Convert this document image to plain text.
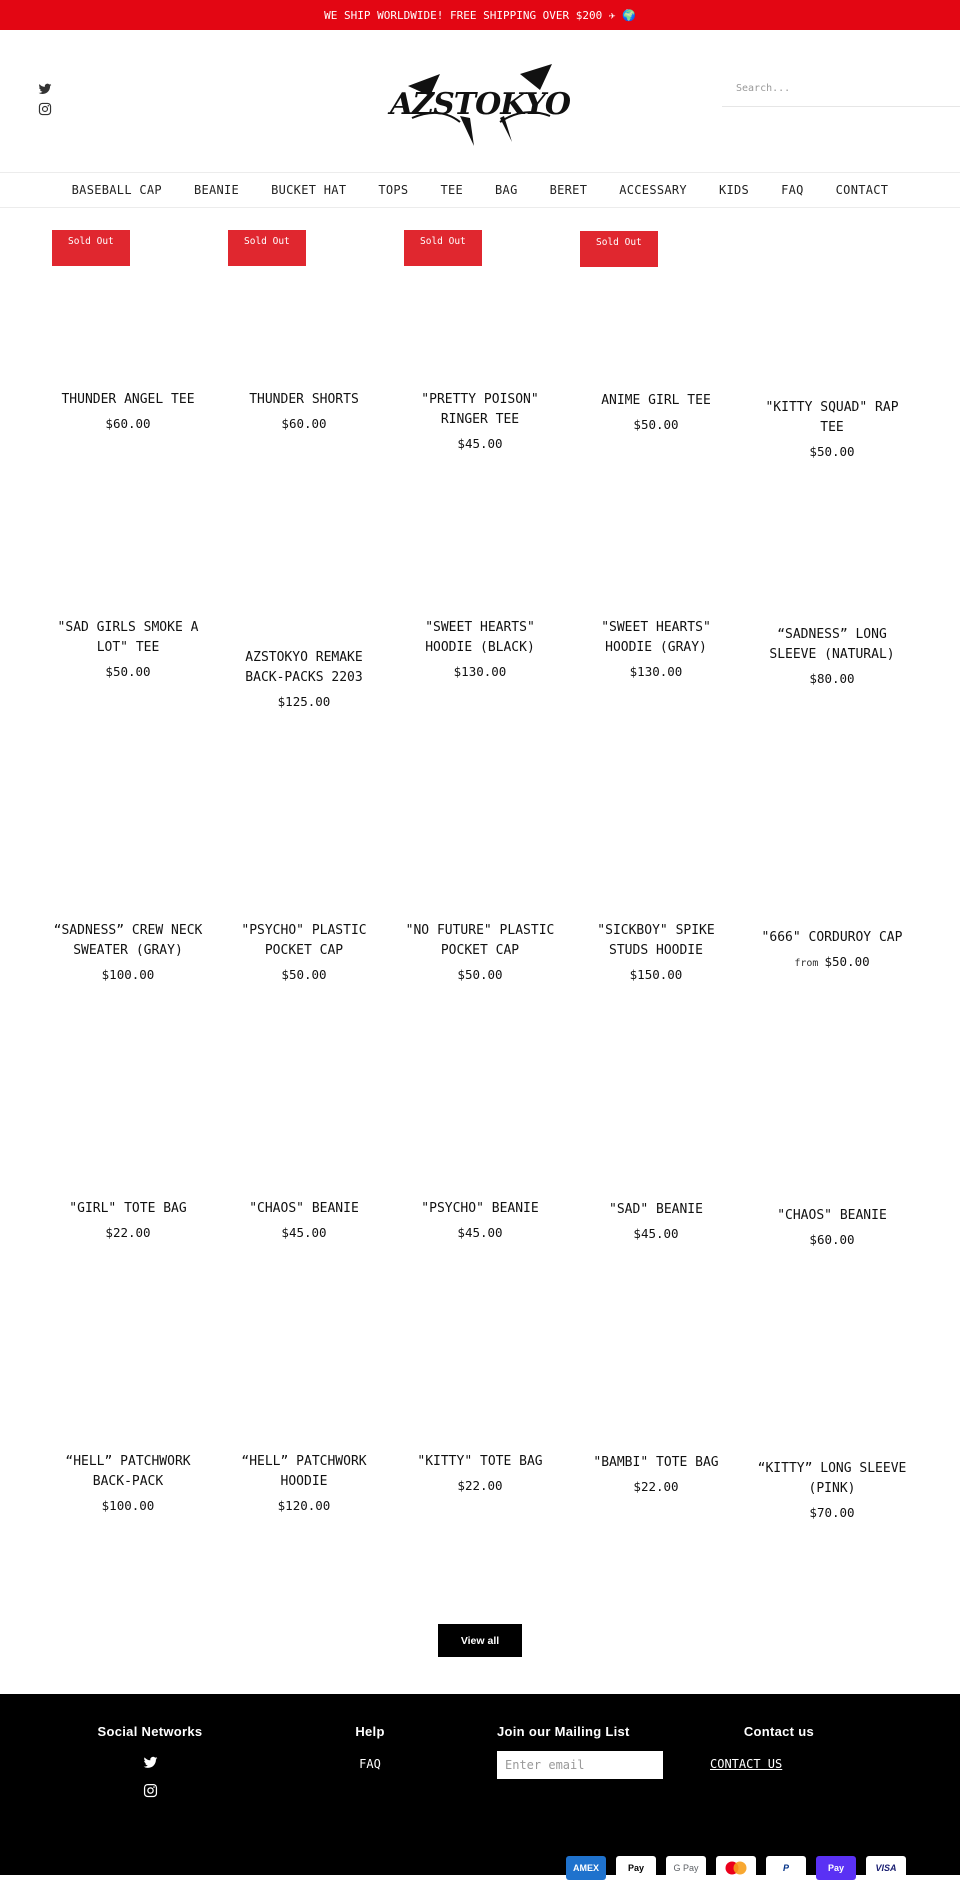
WE SHIP WORLDWIDE! FREE SHIPPING OVER $200 ✈ 🌍
AZSTOKYO
Search...
BASEBALL CAP	BEANIE	BUCKET HAT	TOPS	TEE	BAG	BERET	ACCESSARY	KIDS	FAQ	CONTACT
Sold Out
THUNDER ANGEL TEE
$60.00
Sold Out
THUNDER SHORTS
$60.00
Sold Out
"PRETTY POISON" RINGER TEE
$45.00
Sold Out
ANIME GIRL TEE
$50.00
"KITTY SQUAD" RAP TEE
$50.00
"SAD GIRLS SMOKE A LOT" TEE
$50.00
AZSTOKYO REMAKE BACK-PACKS 2203
$125.00
"SWEET HEARTS" HOODIE (BLACK)
$130.00
"SWEET HEARTS" HOODIE (GRAY)
$130.00
“SADNESS” LONG SLEEVE (NATURAL)
$80.00
“SADNESS” CREW NECK SWEATER (GRAY)
$100.00
"PSYCHO" PLASTIC POCKET CAP
$50.00
"NO FUTURE" PLASTIC POCKET CAP
$50.00
"SICKBOY" SPIKE STUDS HOODIE
$150.00
"666" CORDUROY CAP
from $50.00
"GIRL" TOTE BAG
$22.00
"CHAOS" BEANIE
$45.00
"PSYCHO" BEANIE
$45.00
"SAD" BEANIE
$45.00
"CHAOS" BEANIE
$60.00
“HELL” PATCHWORK BACK-PACK
$100.00
“HELL” PATCHWORK HOODIE
$120.00
"KITTY" TOTE BAG
$22.00
"BAMBI" TOTE BAG
$22.00
“KITTY” LONG SLEEVE (PINK)
$70.00
View all
Social Networks	Help
FAQ
Join our Mailing List
Enter email	Contact us
CONTACT US
AMEX	Pay	G Pay	P	Pay	VISA
